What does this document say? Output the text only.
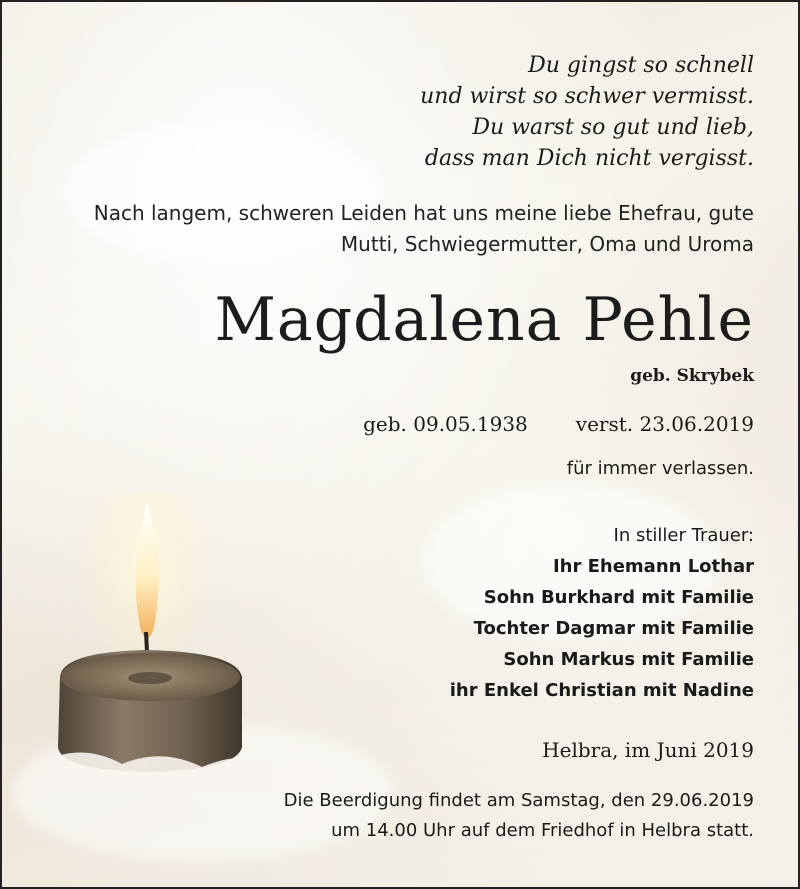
Du gingst so schnell
und wirst so schwer vermisst.
Du warst so gut und lieb,
dass man Dich nicht vergisst.
Nach langem, schweren Leiden hat uns meine liebe Ehefrau, gute
Mutti, Schwiegermutter, Oma und Uroma
Magdalena Pehle
geb. Skrybek
geb. 09.05.1938 verst. 23.06.2019
für immer verlassen.
In stiller Trauer:
Ihr Ehemann Lothar
Sohn Burkhard mit Familie
Tochter Dagmar mit Familie
Sohn Markus mit Familie
ihr Enkel Christian mit Nadine
Helbra, im Juni 2019
Die Beerdigung findet am Samstag, den 29.06.2019
um 14.00 Uhr auf dem Friedhof in Helbra statt.
